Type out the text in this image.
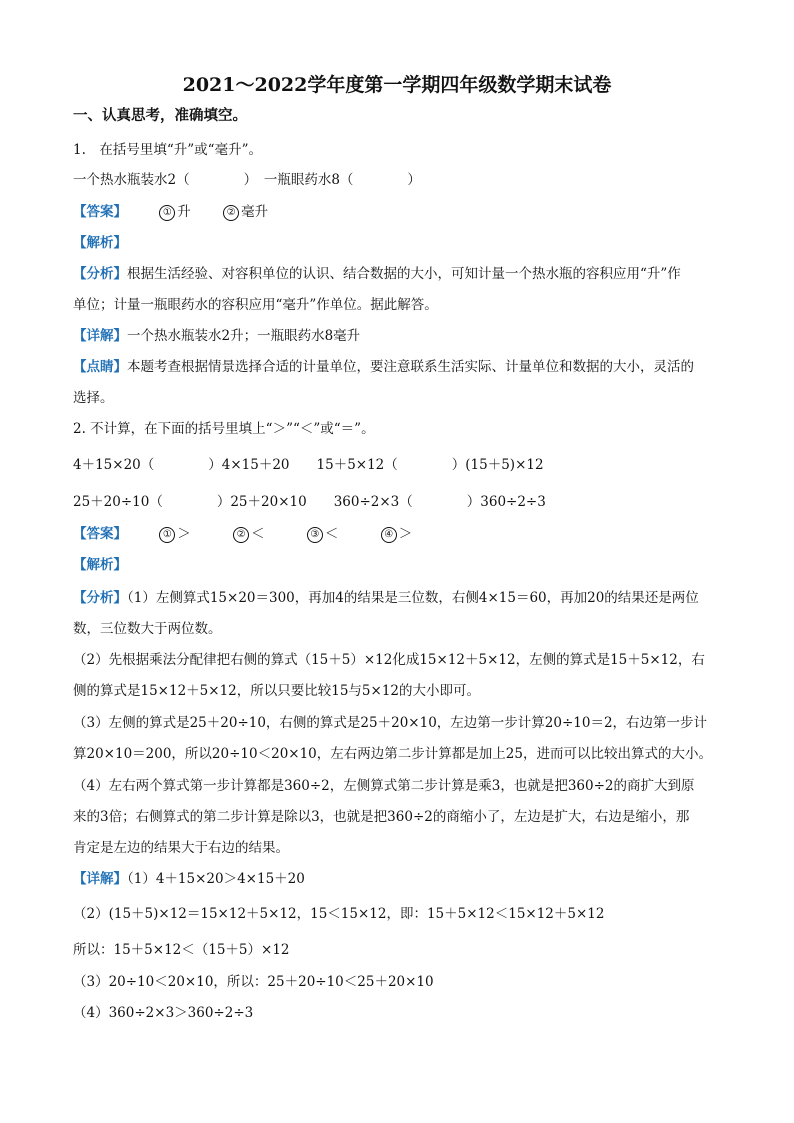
2021～2022学年度第一学期四年级数学期末试卷
一、认真思考，准确填空。
1.　在括号里填“升”或“毫升”。
一个热水瓶装水2（　　　　）　一瓶眼药水8（　　　　）
【答案】	① 升	② 毫升
【解析】
【分析】根据生活经验、对容积单位的认识、结合数据的大小，可知计量一个热水瓶的容积应用“升”作
单位；计量一瓶眼药水的容积应用“毫升”作单位。据此解答。
【详解】一个热水瓶装水2升；一瓶眼药水8毫升
【点睛】本题考查根据情景选择合适的计量单位，要注意联系生活实际、计量单位和数据的大小，灵活的
选择。
2. 不计算，在下面的括号里填上“＞”“＜”或“＝”。
4＋15×20（　　　　）4×15＋20　　15＋5×12（　　　　）(15＋5)×12
25＋20÷10（　　　　）25＋20×10　　360÷2×3（　　　　）360÷2÷3
【答案】	① ＞	② ＜	③ ＜	④ ＞
【解析】
【分析】（1）左侧算式15×20＝300，再加4的结果是三位数，右侧4×15＝60，再加20的结果还是两位
数，三位数大于两位数。
（2）先根据乘法分配律把右侧的算式（15＋5）×12化成15×12＋5×12，左侧的算式是15＋5×12，右
侧的算式是15×12＋5×12，所以只要比较15与5×12的大小即可。
（3）左侧的算式是25＋20÷10，右侧的算式是25＋20×10，左边第一步计算20÷10＝2，右边第一步计
算20×10＝200，所以20÷10＜20×10，左右两边第二步计算都是加上25，进而可以比较出算式的大小。
（4）左右两个算式第一步计算都是360÷2，左侧算式第二步计算是乘3，也就是把360÷2的商扩大到原
来的3倍；右侧算式的第二步计算是除以3，也就是把360÷2的商缩小了，左边是扩大，右边是缩小，那
肯定是左边的结果大于右边的结果。
【详解】（1）4＋15×20＞4×15＋20
（2）(15＋5)×12＝15×12＋5×12，15＜15×12，即：15＋5×12＜15×12＋5×12
所以：15＋5×12＜（15＋5）×12
（3）20÷10＜20×10，所以：25＋20÷10＜25＋20×10
（4）360÷2×3＞360÷2÷3
